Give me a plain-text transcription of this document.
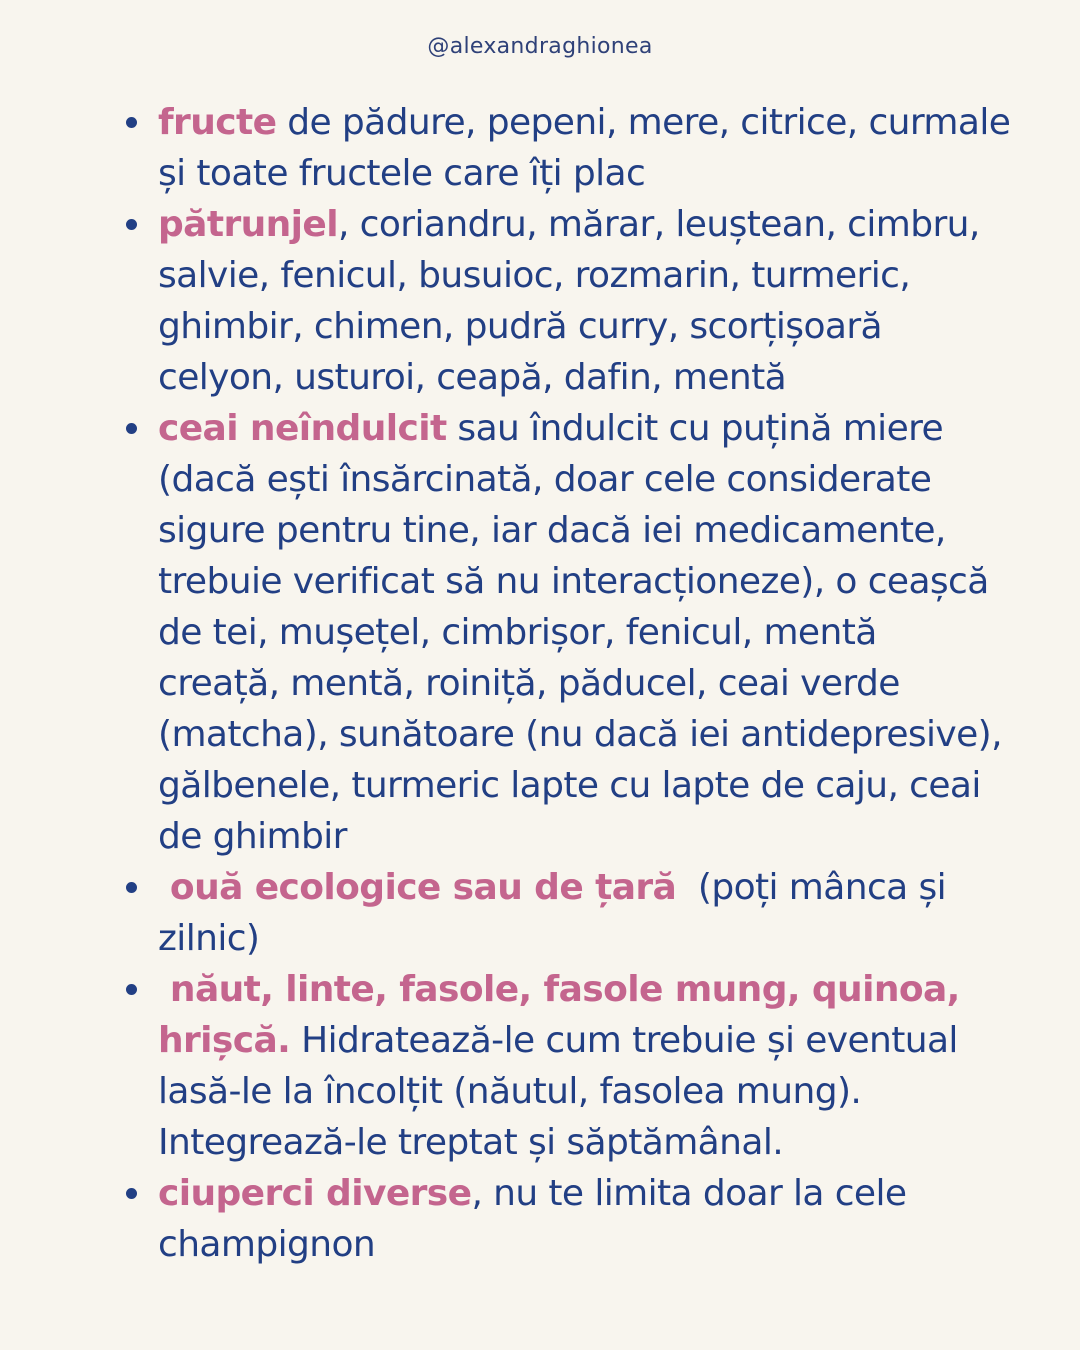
@alexandraghionea
fructe de pădure, pepeni, mere, citrice, curmale
și toate fructele care îți plac
pătrunjel, coriandru, mărar, leuștean, cimbru,
salvie, fenicul, busuioc, rozmarin, turmeric,
ghimbir, chimen, pudră curry, scorțișoară
celyon, usturoi, ceapă, dafin, mentă
ceai neîndulcit sau îndulcit cu puțină miere
(dacă ești însărcinată, doar cele considerate
sigure pentru tine, iar dacă iei medicamente,
trebuie verificat să nu interacționeze), o ceașcă
de tei, mușețel, cimbrișor, fenicul, mentă
creață, mentă, roiniță, păducel, ceai verde
(matcha), sunătoare (nu dacă iei antidepresive),
gălbenele, turmeric lapte cu lapte de caju, ceai
de ghimbir
ouă ecologice sau de țară  (poți mânca și
zilnic)
năut, linte, fasole, fasole mung, quinoa,
hrișcă. Hidratează-le cum trebuie și eventual
lasă-le la încolțit (năutul, fasolea mung).
Integrează-le treptat și săptămânal.
ciuperci diverse, nu te limita doar la cele
champignon
